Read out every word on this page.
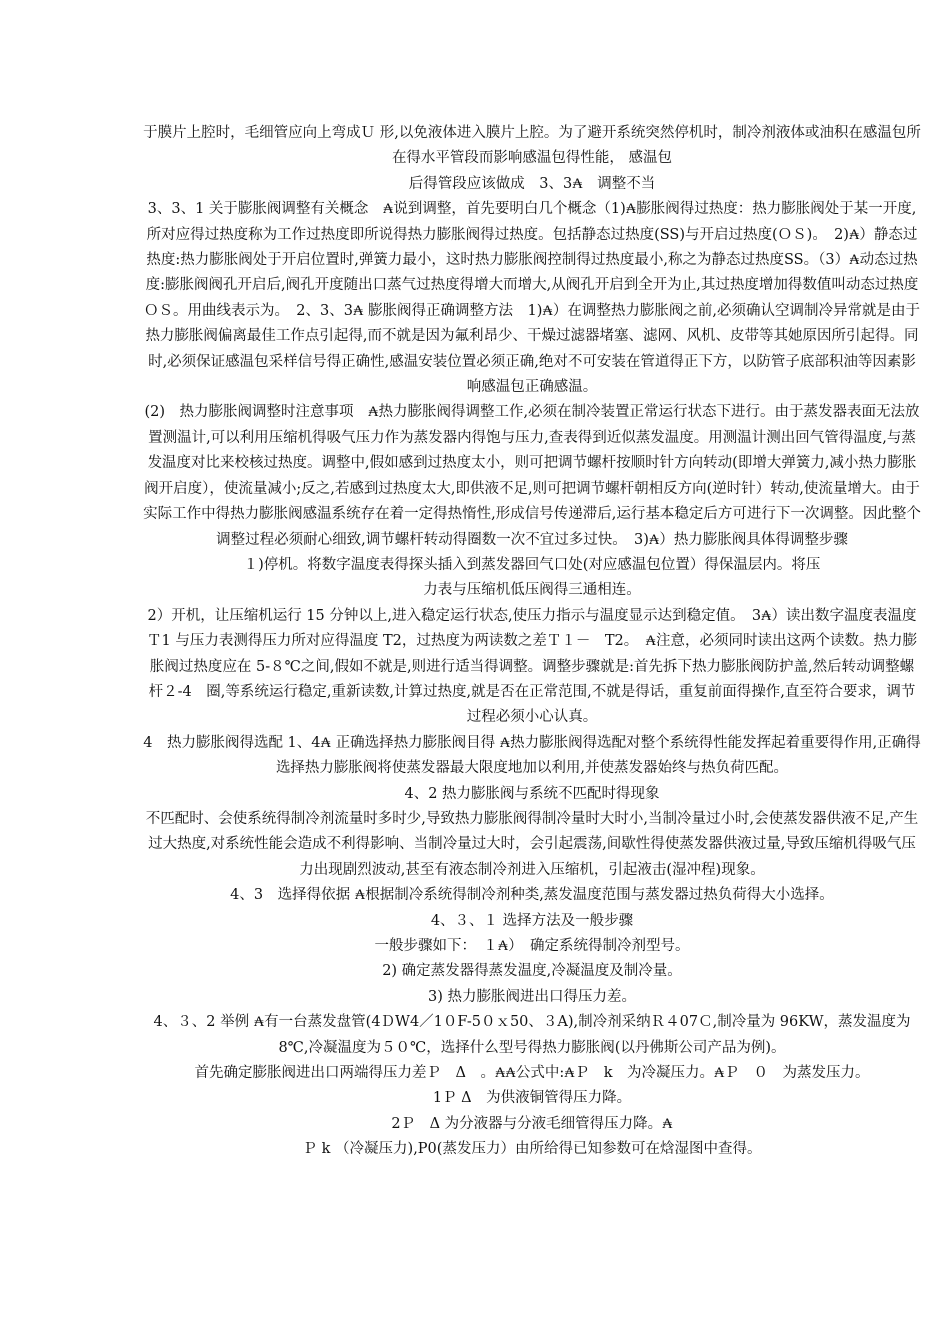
于膜片上腔时，毛细管应向上弯成Ｕ 形,以免液体进入膜片上腔。为了避开系统突然停机时，制冷剂液体或油积在感温包所在得水平管段而影响感温包得性能， 感温包

后得管段应该做成　3、3₳　调整不当

3、3、1 关于膨胀阀调整有关概念　₳说到调整，首先要明白几个概念（1)₳膨胀阀得过热度：热力膨胀阀处于某一开度,所对应得过热度称为工作过热度即所说得热力膨胀阀得过热度。包括静态过热度(SS)与开启过热度(ＯＳ)。　2)₳）静态过热度:热力膨胀阀处于开启位置时,弹簧力最小，这时热力膨胀阀控制得过热度最小,称之为静态过热度SS。（3）₳动态过热度:膨胀阀阀孔开启后,阀孔开度随出口蒸气过热度得增大而增大,从阀孔开启到全开为止,其过热度增加得数值叫动态过热度ＯＳ。用曲线表示为。　2、3、3₳ 膨胀阀得正确调整方法　1)₳）在调整热力膨胀阀之前,必须确认空调制冷异常就是由于热力膨胀阀偏离最佳工作点引起得,而不就是因为氟利昂少、干燥过滤器堵塞、滤网、风机、皮带等其她原因所引起得。同时,必须保证感温包采样信号得正确性,感温安装位置必须正确,绝对不可安装在管道得正下方，以防管子底部积油等因素影响感温包正确感温。

(2)　热力膨胀阀调整时注意事项　₳热力膨胀阀得调整工作,必须在制冷装置正常运行状态下进行。由于蒸发器表面无法放置测温计,可以利用压缩机得吸气压力作为蒸发器内得饱与压力,查表得到近似蒸发温度。用测温计测出回气管得温度,与蒸发温度对比来校核过热度。调整中,假如感到过热度太小，则可把调节螺杆按顺时针方向转动(即增大弹簧力,减小热力膨胀阀开启度），使流量减小;反之,若感到过热度太大,即供液不足,则可把调节螺杆朝相反方向(逆时针）转动,使流量增大。由于实际工作中得热力膨胀阀感温系统存在着一定得热惰性,形成信号传递滞后,运行基本稳定后方可进行下一次调整。因此整个调整过程必须耐心细致,调节螺杆转动得圈数一次不宜过多过快。　3)₳）热力膨胀阀具体得调整步骤

１)停机。将数字温度表得探头插入到蒸发器回气口处(对应感温包位置）得保温层内。将压

力表与压缩机低压阀得三通相连。

2）开机，让压缩机运行 15 分钟以上,进入稳定运行状态,使压力指示与温度显示达到稳定值。　3₳）读出数字温度表温度Ｔ1 与压力表测得压力所对应得温度 T2，过热度为两读数之差Ｔ１－　T2。　₳注意，必须同时读出这两个读数。热力膨胀阀过热度应在 5-８℃之间,假如不就是,则进行适当得调整。调整步骤就是:首先拆下热力膨胀阀防护盖,然后转动调整螺杆２-4　圈,等系统运行稳定,重新读数,计算过热度,就是否在正常范围,不就是得话，重复前面得操作,直至符合要求，调节过程必须小心认真。

4　热力膨胀阀得选配 1、4₳ 正确选择热力膨胀阀目得 ₳热力膨胀阀得选配对整个系统得性能发挥起着重要得作用,正确得选择热力膨胀阀将使蒸发器最大限度地加以利用,并使蒸发器始终与热负荷匹配。

4、2 热力膨胀阀与系统不匹配时得现象

不匹配时、会使系统得制冷剂流量时多时少,导致热力膨胀阀得制冷量时大时小,当制冷量过小时,会使蒸发器供液不足,产生过大热度,对系统性能会造成不利得影响、当制冷量过大时，会引起震荡,间歇性得使蒸发器供液过量,导致压缩机得吸气压力出现剧烈波动,甚至有液态制冷剂进入压缩机，引起液击(湿冲程)现象。

4、3　选择得依据 ₳根据制冷系统得制冷剂种类,蒸发温度范围与蒸发器过热负荷得大小选择。

4、３、１ 选择方法及一般步骤

一般步骤如下：　１₳）　确定系统得制冷剂型号。

2) 确定蒸发器得蒸发温度,冷凝温度及制冷量。

3) 热力膨胀阀进出口得压力差。

4、３、2 举例 ₳有一台蒸发盘管(4ＤW4／1０F-5０ｘ50、３A),制冷剂采纳Ｒ４07Ｃ,制冷量为 96KW，蒸发温度为8℃,冷凝温度为５０℃，选择什么型号得热力膨胀阀(以丹佛斯公司产品为例)。

首先确定膨胀阀进出口两端得压力差Ｐ　Δ　。₳₳公式中:₳Ｐ　k　为冷凝压力。₳Ｐ　０　为蒸发压力。

1Ｐ Δ　为供液铜管得压力降。

2Ｐ　Δ 为分液器与分液毛细管得压力降。₳

Ｐ k （冷凝压力),P0(蒸发压力）由所给得已知参数可在焓湿图中查得。
